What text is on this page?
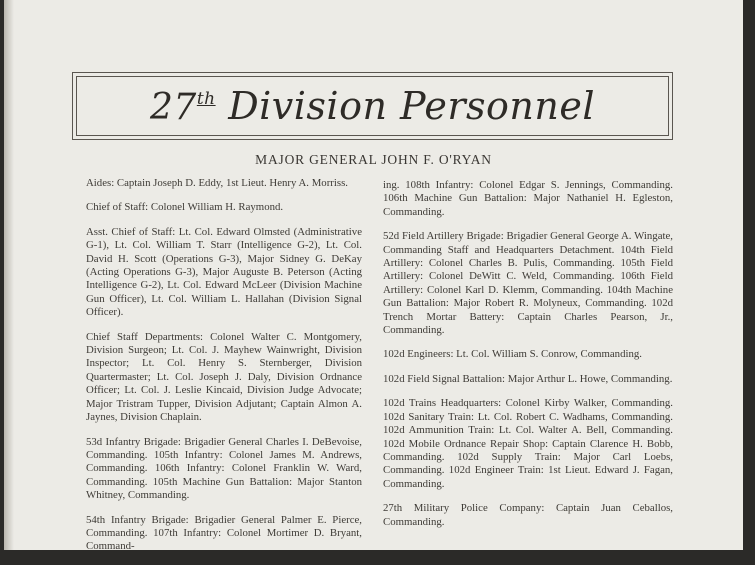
27th Division Personnel
MAJOR GENERAL JOHN F. O'RYAN

Aides: Captain Joseph D. Eddy, 1st Lieut. Henry A. Morriss.

Chief of Staff: Colonel William H. Raymond.

Asst. Chief of Staff: Lt. Col. Edward Olmsted (Administrative G-1), Lt. Col. William T. Starr (Intelligence G-2), Lt. Col. David H. Scott (Operations G-3), Major Sidney G. DeKay (Acting Operations G-3), Major Auguste B. Peterson (Acting Intelligence G-2), Lt. Col. Edward McLeer (Division Machine Gun Officer), Lt. Col. William L. Hallahan (Division Signal Officer).

Chief Staff Departments: Colonel Walter C. Montgomery, Division Surgeon; Lt. Col. J. Mayhew Wainwright, Division Inspector; Lt. Col. Henry S. Sternberger, Division Quartermaster; Lt. Col. Joseph J. Daly, Division Ordnance Officer; Lt. Col. J. Leslie Kincaid, Division Judge Advocate; Major Tristram Tupper, Division Adjutant; Captain Almon A. Jaynes, Division Chaplain.

53d Infantry Brigade: Brigadier General Charles I. DeBevoise, Commanding. 105th Infantry: Colonel James M. Andrews, Commanding. 106th Infantry: Colonel Franklin W. Ward, Commanding. 105th Machine Gun Battalion: Major Stanton Whitney, Commanding.

54th Infantry Brigade: Brigadier General Palmer E. Pierce, Commanding. 107th Infantry: Colonel Mortimer D. Bryant, Command-

ing. 108th Infantry: Colonel Edgar S. Jennings, Commanding. 106th Machine Gun Battalion: Major Nathaniel H. Egleston, Commanding.

52d Field Artillery Brigade: Brigadier General George A. Wingate, Commanding Staff and Headquarters Detachment. 104th Field Artillery: Colonel Charles B. Pulis, Commanding. 105th Field Artillery: Colonel DeWitt C. Weld, Commanding. 106th Field Artillery: Colonel Karl D. Klemm, Commanding. 104th Machine Gun Battalion: Major Robert R. Molyneux, Commanding. 102d Trench Mortar Battery: Captain Charles Pearson, Jr., Commanding.

102d Engineers: Lt. Col. William S. Conrow, Commanding.

102d Field Signal Battalion: Major Arthur L. Howe, Commanding.

102d Trains Headquarters: Colonel Kirby Walker, Commanding. 102d Sanitary Train: Lt. Col. Robert C. Wadhams, Commanding. 102d Ammunition Train: Lt. Col. Walter A. Bell, Commanding. 102d Mobile Ordnance Repair Shop: Captain Clarence H. Bobb, Commanding. 102d Supply Train: Major Carl Loebs, Commanding. 102d Engineer Train: 1st Lieut. Edward J. Fagan, Commanding.

27th Military Police Company: Captain Juan Ceballos, Commanding.
